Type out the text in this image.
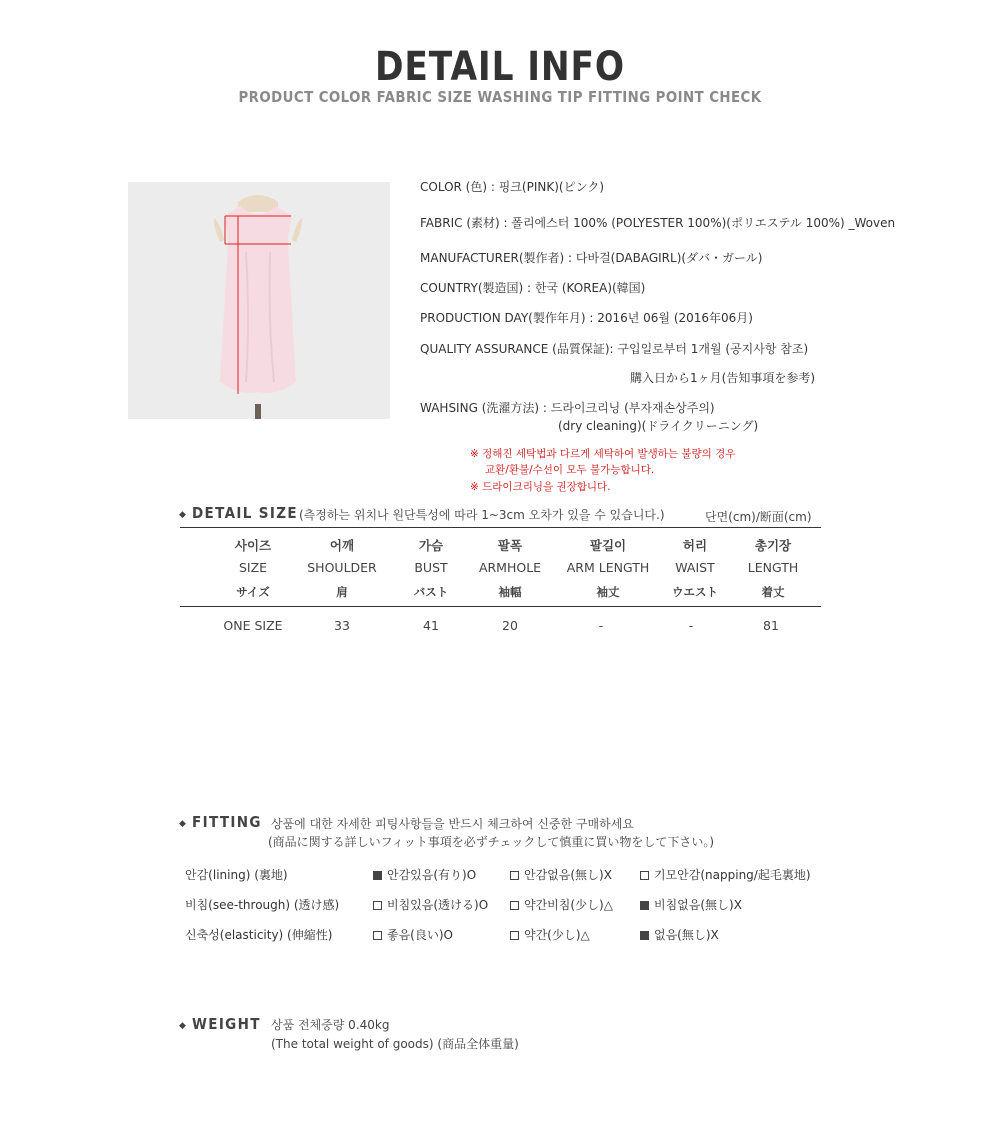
DETAIL INFO
PRODUCT COLOR FABRIC SIZE WASHING TIP FITTING POINT CHECK
COLOR (色) : 핑크(PINK)(ピンク)
FABRIC (素材) : 폴리에스터 100% (POLYESTER 100%)(ポリエステル 100%) _Woven
MANUFACTURER(製作者) : 다바걸(DABAGIRL)(ダバ・ガール)
COUNTRY(製造国) : 한국 (KOREA)(韓国)
PRODUCTION DAY(製作年月) : 2016년 06월 (2016年06月)
QUALITY ASSURANCE (品質保証): 구입일로부터 1개월 (공지사항 참조)
購入日から1ヶ月(告知事項を参考)
WAHSING (洗濯方法) : 드라이크리닝 (부자재손상주의)
(dry cleaning)(ドライクリーニング)
※ 정해진 세탁법과 다르게 세탁하여 발생하는 불량의 경우
교환/환불/수선이 모두 불가능합니다.
※ 드라이크리닝을 권장합니다.
◆ DETAIL SIZE (측정하는 위치나 원단특성에 따라 1~3cm 오차가 있을 수 있습니다.)	단면(cm)/断面(cm)
사이즈	어깨	가슴	팔폭	팔길이	허리	총기장
SIZE	SHOULDER	BUST	ARMHOLE	ARM LENGTH	WAIST	LENGTH
サイズ	肩	バスト	袖幅	袖丈	ウエスト	着丈
ONE SIZE	33	41	20	-	-	81
◆ FITTING 상품에 대한 자세한 피팅사항들을 반드시 체크하여 신중한 구매하세요
(商品に関する詳しいフィット事項を必ずチェックして慎重に買い物をして下さい。)
안감(lining) (裏地)	안감있음(有り)O	안감없음(無し)X	기모안감(napping/起毛裏地)
비침(see-through) (透け感)	비침있음(透ける)O	약간비침(少し)△	비침없음(無し)X
신축성(elasticity) (伸縮性)	좋음(良い)O	약간(少し)△	없음(無し)X
◆ WEIGHT 상품 전체중량 0.40kg
(The total weight of goods) (商品全体重量)
